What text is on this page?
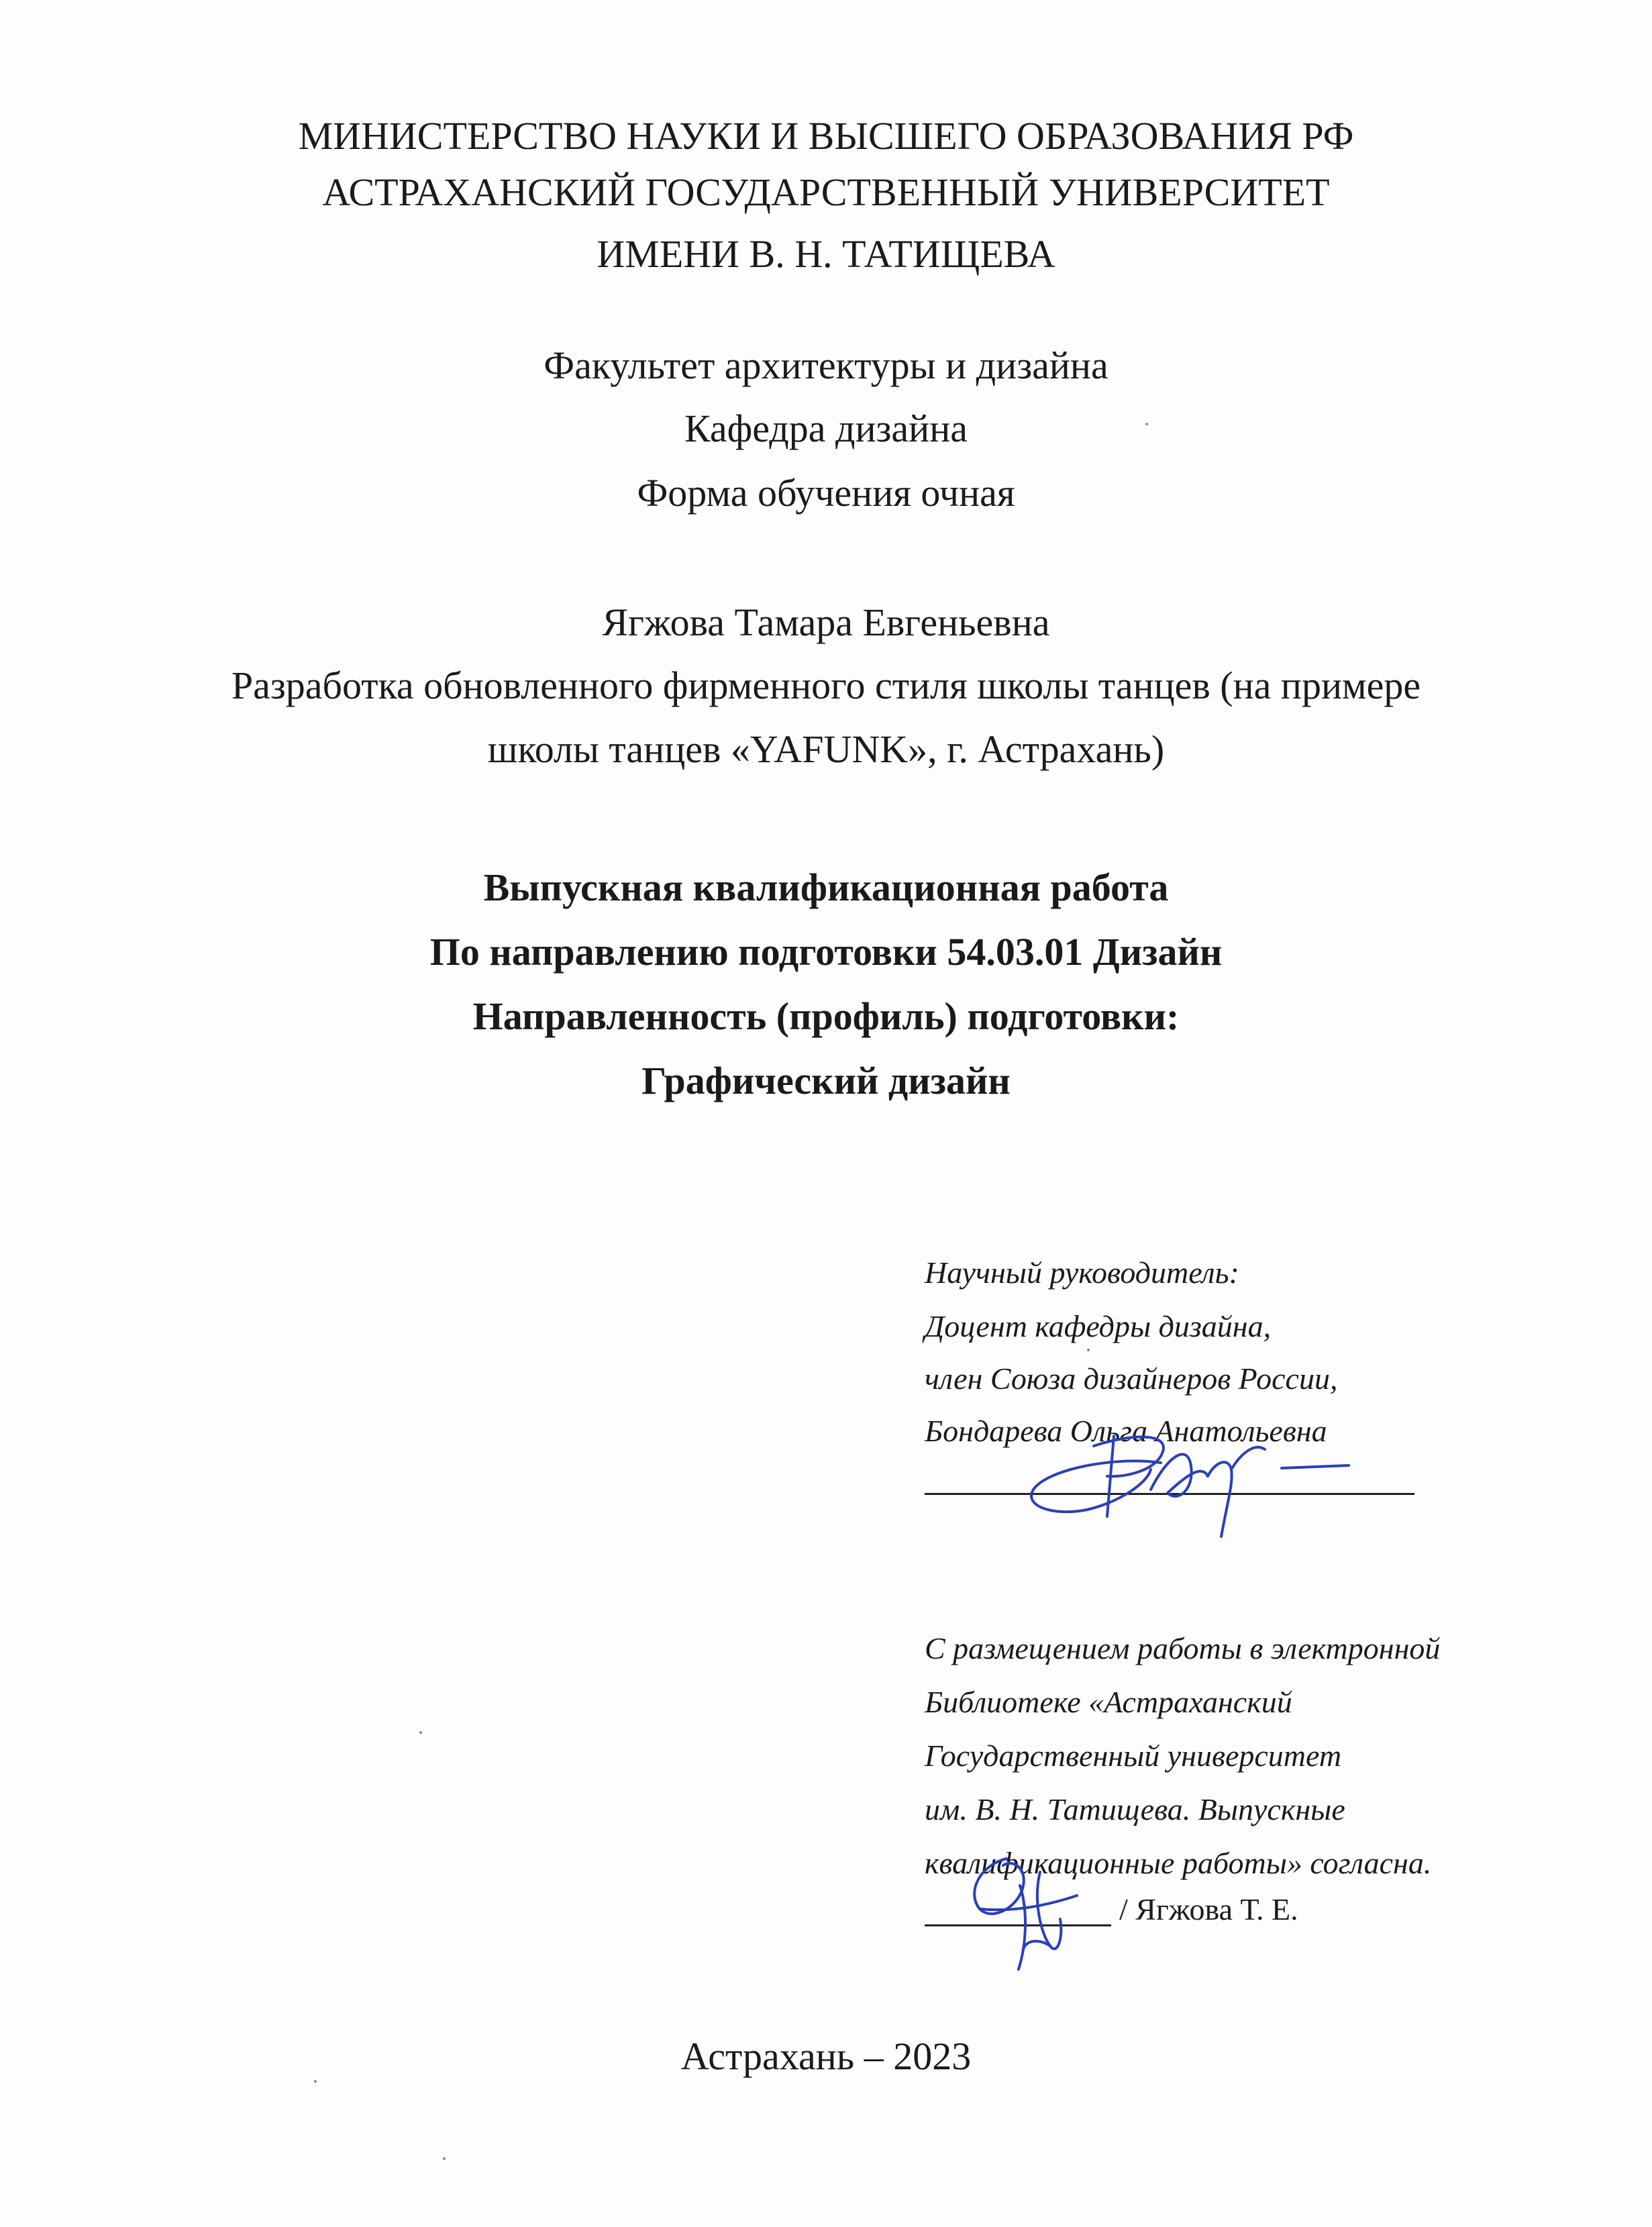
МИНИСТЕРСТВО НАУКИ И ВЫСШЕГО ОБРАЗОВАНИЯ РФ
АСТРАХАНСКИЙ ГОСУДАРСТВЕННЫЙ УНИВЕРСИТЕТ
ИМЕНИ В. Н. ТАТИЩЕВА
Факультет архитектуры и дизайна
Кафедра дизайна
Форма обучения очная
Ягжова Тамара Евгеньевна
Разработка обновленного фирменного стиля школы танцев (на примере
школы танцев «YAFUNK», г. Астрахань)
Выпускная квалификационная работа
По направлению подготовки 54.03.01 Дизайн
Направленность (профиль) подготовки:
Графический дизайн
Научный руководитель:
Доцент кафедры дизайна,
член Союза дизайнеров России,
Бондарева Ольга Анатольевна
С размещением работы в электронной
Библиотеке «Астраханский
Государственный университет
им. В. Н. Татищева. Выпускные
квалификационные работы» согласна.
/ Ягжова Т. Е.
Астрахань – 2023
